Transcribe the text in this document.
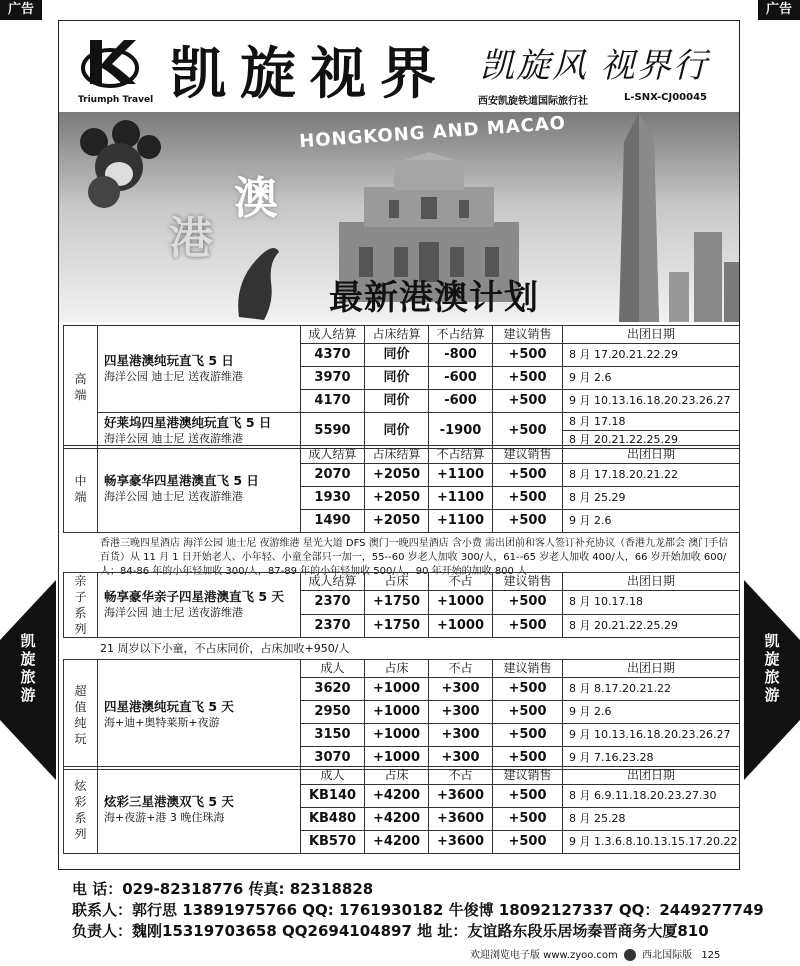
广告	广告
Triumph Travel 凯旋视界 凯旋风 视界行
西安凯旋铁道国际旅行社	L-SNX-CJ00045
HONGKONG AND MACAO
澳
港
最新港澳计划
高
端	四星港澳纯玩直飞 5 日
海洋公园 迪士尼 送夜游维港	成人结算	占床结算	不占结算	建议销售	出团日期
		4370	同价	-800	+500	8 月 17.20.21.22.29
		3970	同价	-600	+500	9 月 2.6
		4170	同价	-600	+500	9 月 10.13.16.18.20.23.26.27

	好莱坞四星港澳纯玩直飞 5 日
海洋公园 迪士尼 送夜游维港	5590	同价	-1900	+500	8 月 17.18
						8 月 20.21.22.25.29
中
端	畅享豪华四星港澳直飞 5 日
海洋公园 迪士尼 送夜游维港	成人结算	占床结算	不占结算	建议销售	出团日期
		2070	+2050	+1100	+500	8 月 17.18.20.21.22
		1930	+2050	+1100	+500	8 月 25.29
		1490	+2050	+1100	+500	9 月 2.6
香港三晚四星酒店 海洋公园 迪士尼 夜游维港 星光大道 DFS 澳门一晚四星酒店 含小费 需出团前和客人签订补充协议（香港九龙都会 澳门手信百货）从 11 月 1 日开始老人、小年轻、小童全部只一加一，55--60 岁老人加收 300/人，61--65 岁老人加收 400/人，66 岁开始加收 600/人；84-86 年的小年轻加收 300/人，87-89 年的小年轻加收 500/人，90 年开始的加收 800 人
亲
子
系
列	畅享豪华亲子四星港澳直飞 5 天
海洋公园 迪士尼 送夜游维港	成人结算	占床	不占	建议销售	出团日期
		2370	+1750	+1000	+500	8 月 10.17.18
		2370	+1750	+1000	+500	8 月 20.21.22.25.29
21 周岁以下小童，不占床同价，占床加收+950/人
超
值
纯
玩	四星港澳纯玩直飞 5 天
海+迪+奥特莱斯+夜游	成人	占床	不占	建议销售	出团日期
		3620	+1000	+300	+500	8 月 8.17.20.21.22
		2950	+1000	+300	+500	9 月 2.6
		3150	+1000	+300	+500	9 月 10.13.16.18.20.23.26.27
		3070	+1000	+300	+500	9 月 7.16.23.28
炫
彩
系
列	炫彩三星港澳双飞 5 天
海+夜游+港 3 晚住珠海	成人	占床	不占	建议销售	出团日期
		KB140	+4200	+3600	+500	8 月 6.9.11.18.20.23.27.30
		KB480	+4200	+3600	+500	8 月 25.28
		KB570	+4200	+3600	+500	9 月 1.3.6.8.10.13.15.17.20.22
凯
旋
旅
游
凯
旋
旅
游
电 话：029-82318776 传真: 82318828
联系人：郭行思 13891975766 QQ: 1761930182 牛俊博 18092127337 QQ：2449277749
负责人：魏刚15319703658 QQ2694104897 地 址：友谊路东段乐居场秦晋商务大厦810
欢迎浏览电子版 www.zyoo.com 西北国际版 125
